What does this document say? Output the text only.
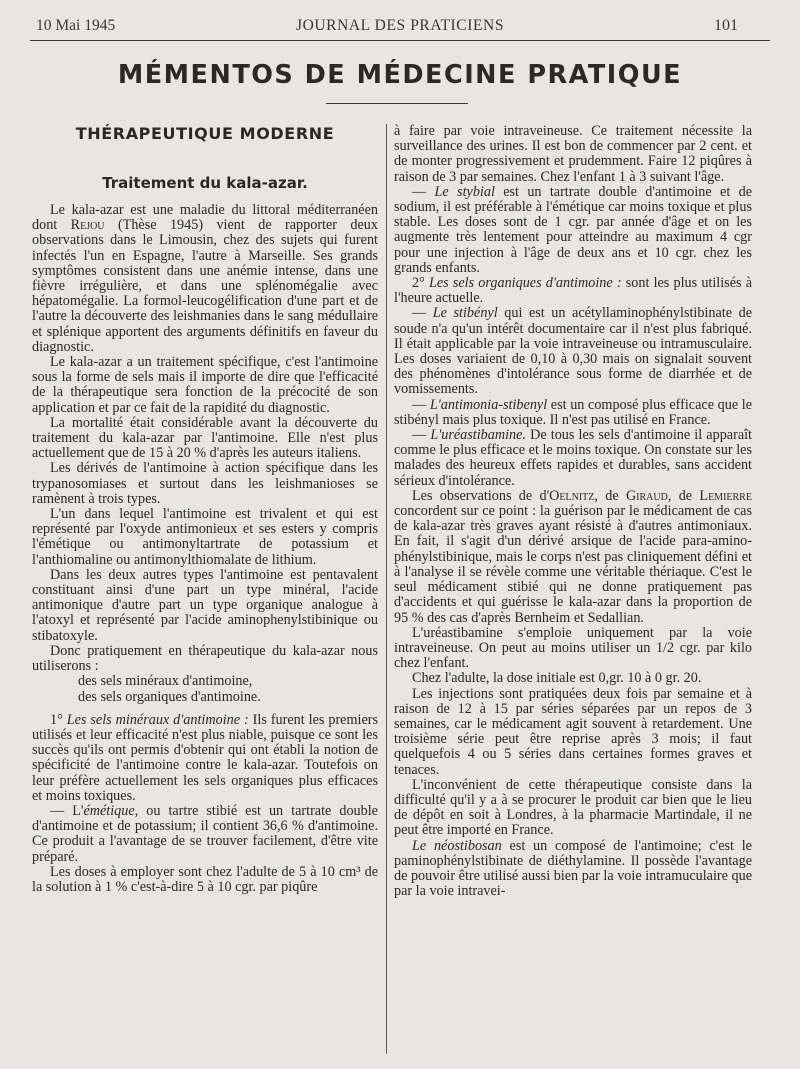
10 Mai 1945	JOURNAL DES PRATICIENS	101
MÉMENTOS DE MÉDECINE PRATIQUE
THÉRAPEUTIQUE MODERNE
Traitement du kala-azar.

Le kala-azar est une maladie du littoral méditerranéen dont Rejou (Thèse 1945) vient de rapporter deux observations dans le Limousin, chez des sujets qui furent infectés l'un en Espagne, l'autre à Marseille. Ses grands symptômes consistent dans une anémie intense, dans une fièvre irrégulière, et dans une splénomégalie avec hépatomégalie. La formol-leucogélification d'une part et de l'autre la découverte des leishmanies dans le sang médullaire et splénique apportent des arguments définitifs en faveur du diagnostic.

Le kala-azar a un traitement spécifique, c'est l'antimoine sous la forme de sels mais il importe de dire que l'efficacité de la thérapeutique sera fonction de la précocité de son application et par ce fait de la rapidité du diagnostic.

La mortalité était considérable avant la découverte du traitement du kala-azar par l'antimoine. Elle n'est plus actuellement que de 15 à 20 % d'après les auteurs italiens.

Les dérivés de l'antimoine à action spécifique dans les trypanosomiases et surtout dans les leishmanioses se ramènent à trois types.

L'un dans lequel l'antimoine est trivalent et qui est représenté par l'oxyde antimonieux et ses esters y compris l'émétique ou antimonyltartrate de potassium et l'anthiomaline ou antimonylthiomalate de lithium.

Dans les deux autres types l'antimoine est pentavalent constituant ainsi d'une part un type minéral, l'acide antimonique d'autre part un type organique analogue à l'atoxyl et représenté par l'acide aminophenylstibinique ou stibatoxyle.

Donc pratiquement en thérapeutique du kala-azar nous utiliserons :

des sels minéraux d'antimoine,
des sels organiques d'antimoine.

1° Les sels minéraux d'antimoine : Ils furent les premiers utilisés et leur efficacité n'est plus niable, puisque ce sont les succès qu'ils ont permis d'obtenir qui ont établi la notion de spécificité de l'antimoine contre le kala-azar. Toutefois on leur préfère actuellement les sels organiques plus efficaces et moins toxiques.

— L'émétique, ou tartre stibié est un tartrate double d'antimoine et de potassium; il contient 36,6 % d'antimoine. Ce produit a l'avantage de se trouver facilement, d'être vite préparé.

Les doses à employer sont chez l'adulte de 5 à 10 cm³ de la solution à 1 % c'est-à-dire 5 à 10 cgr. par piqûre

à faire par voie intraveineuse. Ce traitement nécessite la surveillance des urines. Il est bon de commencer par 2 cent. et de monter progressivement et prudemment. Faire 12 piqûres à raison de 3 par semaines. Chez l'enfant 1 à 3 suivant l'âge.

— Le stybial est un tartrate double d'antimoine et de sodium, il est préférable à l'émétique car moins toxique et plus stable. Les doses sont de 1 cgr. par année d'âge et on les augmente très lentement pour atteindre au maximum 4 cgr pour une injection à l'âge de deux ans et 10 cgr. chez les grands enfants.

2° Les sels organiques d'antimoine : sont les plus utilisés à l'heure actuelle.

— Le stibényl qui est un acétyllaminophénylstibinate de soude n'a qu'un intérêt documentaire car il n'est plus fabriqué. Il était applicable par la voie intraveineuse ou intramusculaire. Les doses variaient de 0,10 à 0,30 mais on signalait souvent des phénomènes d'intolérance sous forme de diarrhée et de vomissements.

— L'antimonia-stibenyl est un composé plus efficace que le stibényl mais plus toxique. Il n'est pas utilisé en France.

— L'uréastibamine. De tous les sels d'antimoine il apparaît comme le plus efficace et le moins toxique. On constate sur les malades des heureux effets rapides et durables, sans accident sérieux d'intolérance.

Les observations de d'Oelnitz, de Giraud, de Lemierre concordent sur ce point : la guérison par le médicament de cas de kala-azar très graves ayant résisté à d'autres antimoniaux. En fait, il s'agit d'un dérivé arsique de l'acide para-amino-phénylstibinique, mais le corps n'est pas cliniquement défini et à l'analyse il se révèle comme une véritable thériaque. C'est le seul médicament stibié qui ne donne pratiquement pas d'accidents et qui guérisse le kala-azar dans la proportion de 95 % des cas d'après Bernheim et Sedallian.

L'uréastibamine s'emploie uniquement par la voie intraveineuse. On peut au moins utiliser un 1/2 cgr. par kilo chez l'enfant.

Chez l'adulte, la dose initiale est 0,gr. 10 à 0 gr. 20.

Les injections sont pratiquées deux fois par semaine et à raison de 12 à 15 par séries séparées par un repos de 3 semaines, car le médicament agit souvent à retardement. Une troisième série peut être reprise après 3 mois; il faut quelquefois 4 ou 5 séries dans certaines formes graves et tenaces.

L'inconvénient de cette thérapeutique consiste dans la difficulté qu'il y a à se procurer le produit car bien que le lieu de dépôt en soit à Londres, à la pharmacie Martindale, il ne peut être importé en France.

Le néostibosan est un composé de l'antimoine; c'est le paminophénylstibinate de diéthylamine. Il possède l'avantage de pouvoir être utilisé aussi bien par la voie intramuculaire que par la voie intravei-
